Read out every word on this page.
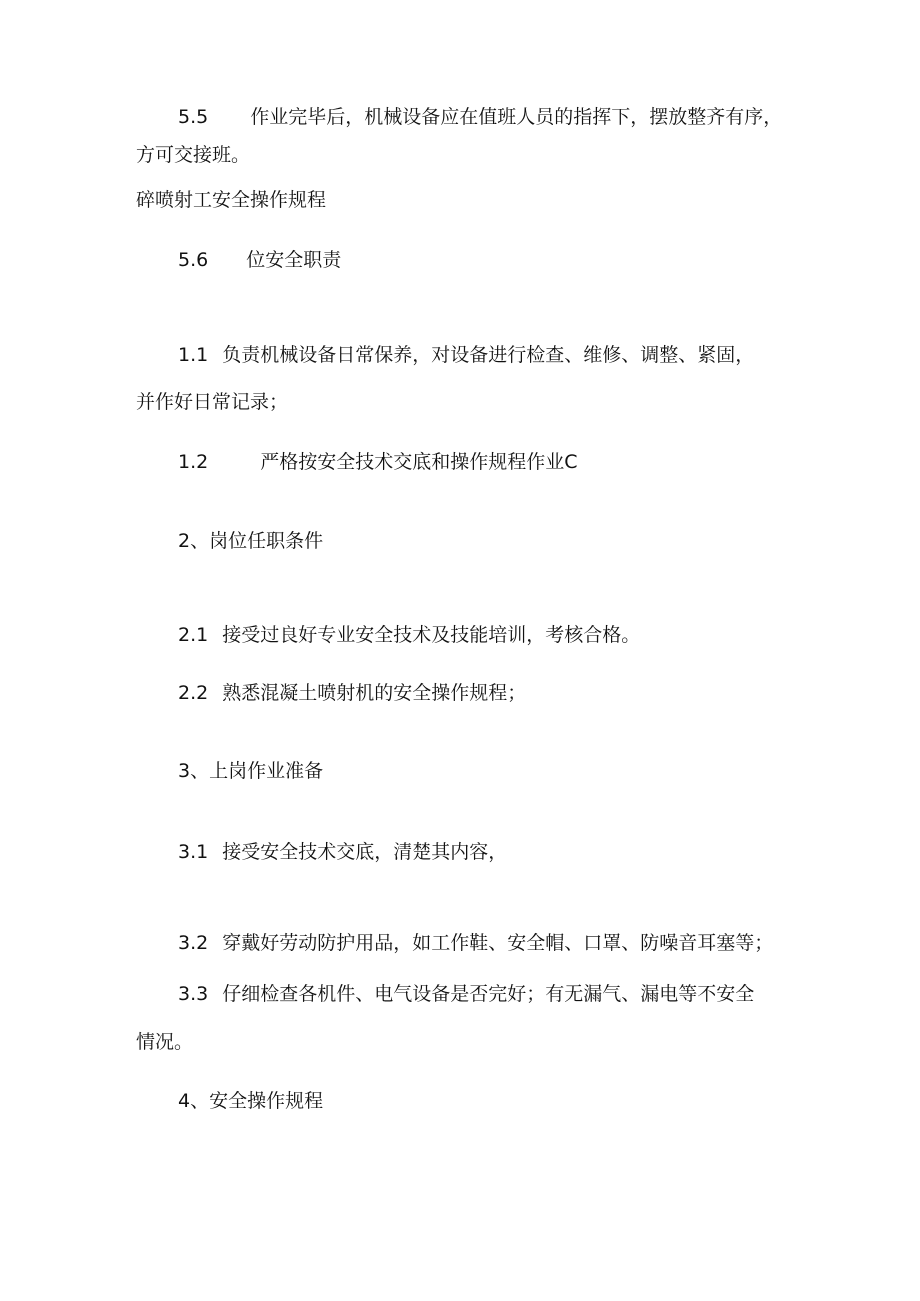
5.5 作业完毕后，机械设备应在值班人员的指挥下，摆放整齐有序，
方可交接班。
碎喷射工安全操作规程
5.6 位安全职责
1.1 负责机械设备日常保养，对设备进行检查、维修、调整、紧固，
并作好日常记录；
1.2	严格按安全技术交底和操作规程作业C
2、岗位任职条件
2.1 接受过良好专业安全技术及技能培训，考核合格。
2.2 熟悉混凝土喷射机的安全操作规程；
3、上岗作业准备
3.1 接受安全技术交底，清楚其内容，
3.2 穿戴好劳动防护用品，如工作鞋、安全帽、口罩、防噪音耳塞等；
3.3 仔细检查各机件、电气设备是否完好；有无漏气、漏电等不安全
情况。
4、安全操作规程
